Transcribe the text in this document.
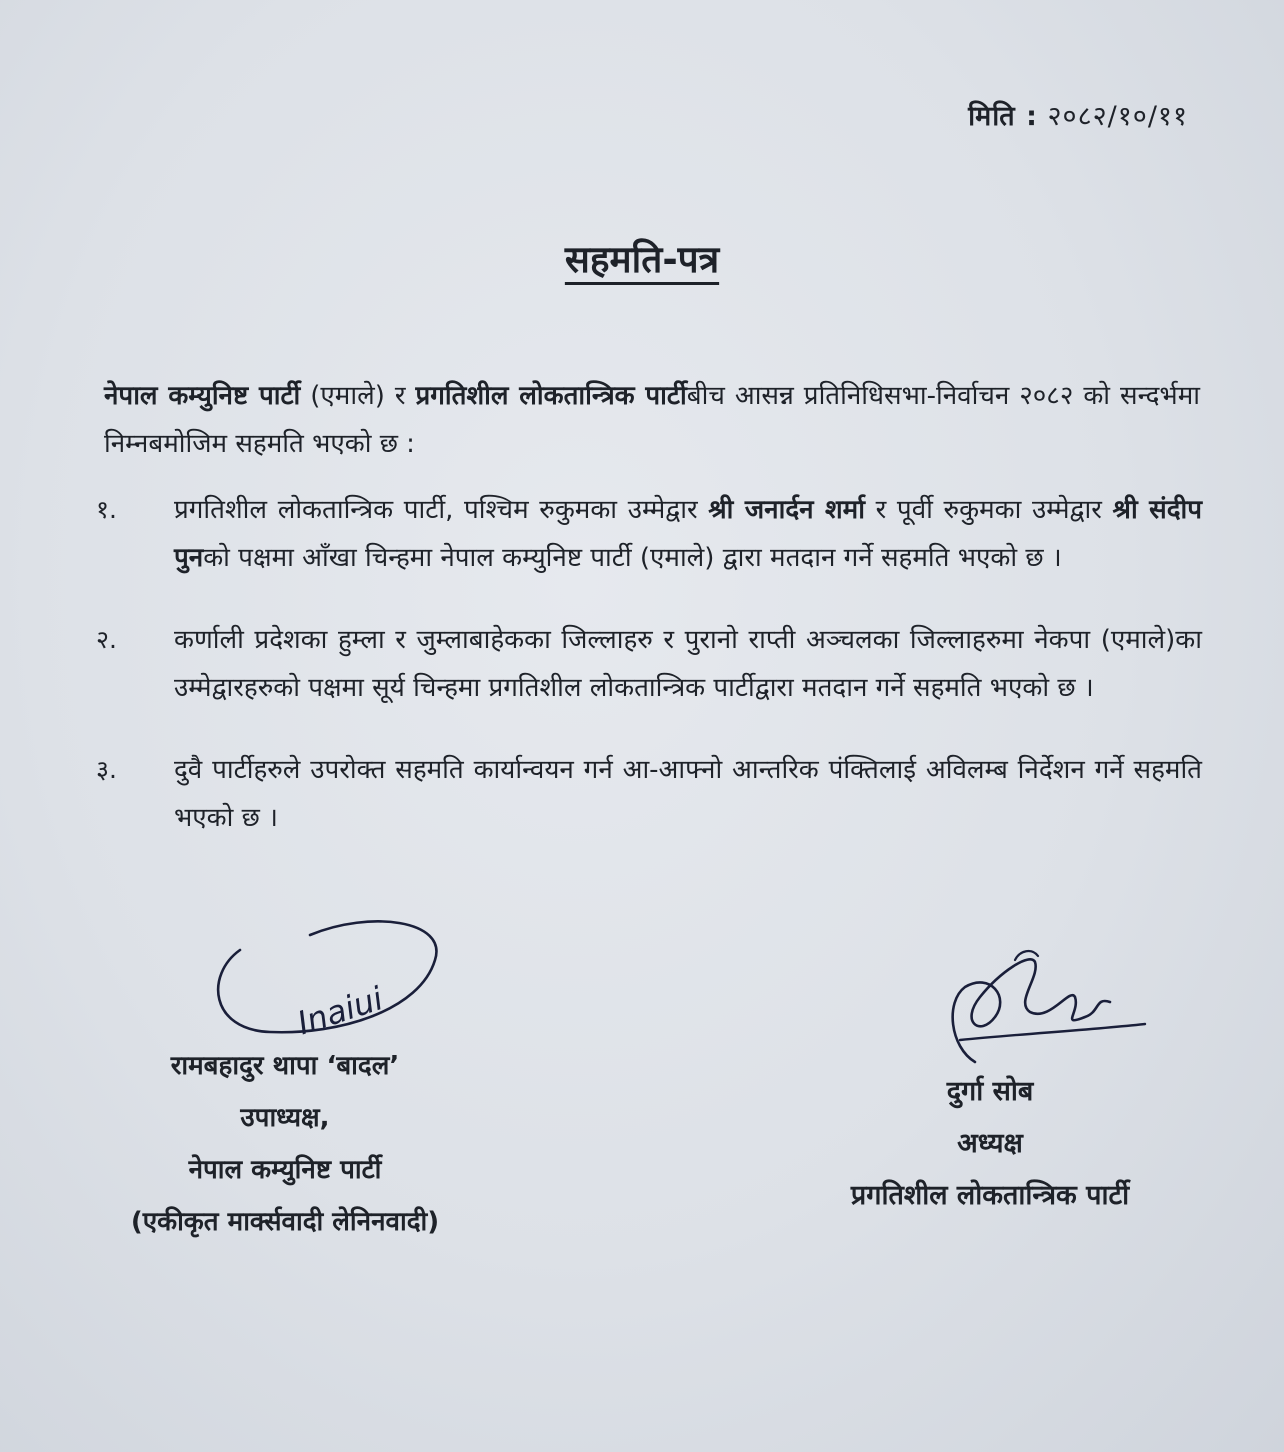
मिति : २०८२/१०/११
सहमति-पत्र
नेपाल कम्युनिष्ट पार्टी (एमाले) र प्रगतिशील लोकतान्त्रिक पार्टीबीच आसन्न प्रतिनिधिसभा-निर्वाचन २०८२ को सन्दर्भमा निम्नबमोजिम सहमति भएको छ :
१. प्रगतिशील लोकतान्त्रिक पार्टी, पश्चिम रुकुमका उम्मेद्वार श्री जनार्दन शर्मा र पूर्वी रुकुमका उम्मेद्वार श्री संदीप पुनको पक्षमा आँखा चिन्हमा नेपाल कम्युनिष्ट पार्टी (एमाले) द्वारा मतदान गर्ने सहमति भएको छ ।
२. कर्णाली प्रदेशका हुम्ला र जुम्लाबाहेकका जिल्लाहरु र पुरानो राप्ती अञ्चलका जिल्लाहरुमा नेकपा (एमाले)का उम्मेद्वारहरुको पक्षमा सूर्य चिन्हमा प्रगतिशील लोकतान्त्रिक पार्टीद्वारा मतदान गर्ने सहमति भएको छ ।
३. दुवै पार्टीहरुले उपरोक्त सहमति कार्यान्वयन गर्न आ-आफ्नो आन्तरिक पंक्तिलाई अविलम्ब निर्देशन गर्ने सहमति भएको छ ।
Inaiui
रामबहादुर थापा ‘बादल’
उपाध्यक्ष,
नेपाल कम्युनिष्ट पार्टी
(एकीकृत मार्क्सवादी लेनिनवादी)
दुर्गा सोब
अध्यक्ष
प्रगतिशील लोकतान्त्रिक पार्टी
